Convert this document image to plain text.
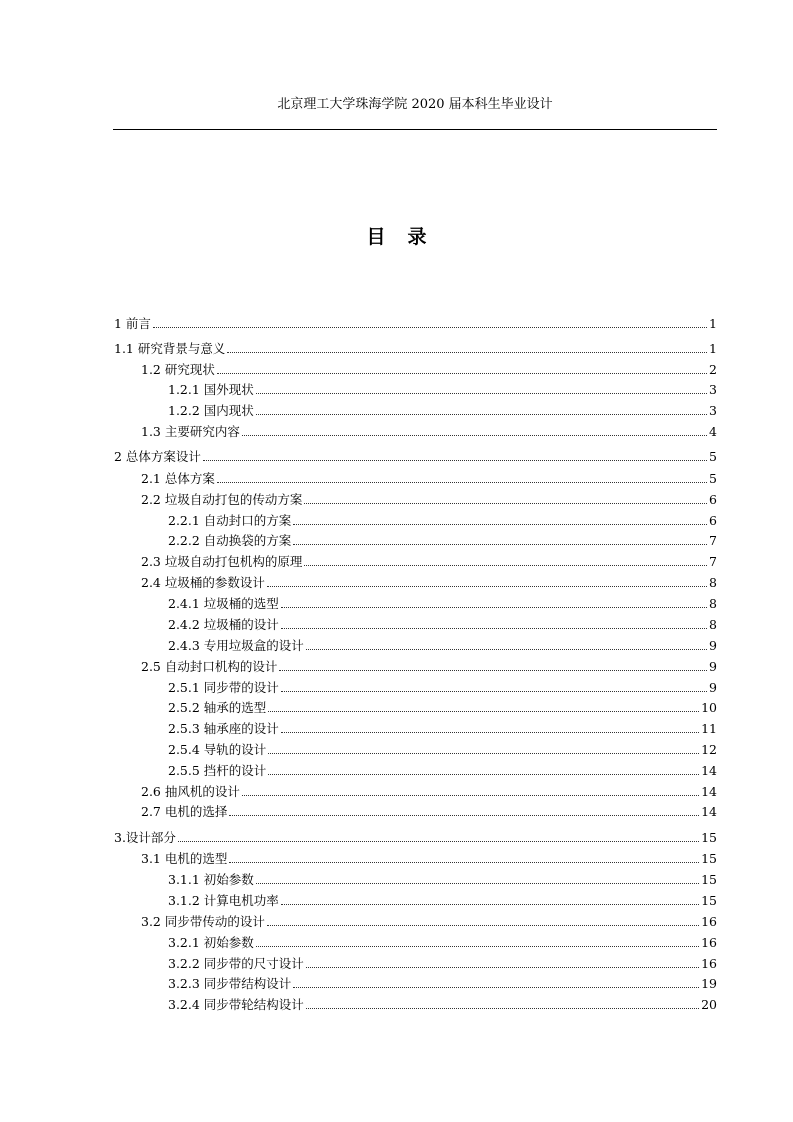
北京理工大学珠海学院 2020 届本科生毕业设计
目录
1 前言	1
1.1 研究背景与意义	1
1.2 研究现状	2
1.2.1 国外现状	3
1.2.2 国内现状	3
1.3 主要研究内容	4
2 总体方案设计	5
2.1 总体方案	5
2.2 垃圾自动打包的传动方案	6
2.2.1 自动封口的方案	6
2.2.2 自动换袋的方案	7
2.3 垃圾自动打包机构的原理	7
2.4 垃圾桶的参数设计	8
2.4.1 垃圾桶的选型	8
2.4.2 垃圾桶的设计	8
2.4.3 专用垃圾盒的设计	9
2.5 自动封口机构的设计	9
2.5.1 同步带的设计	9
2.5.2 轴承的选型	10
2.5.3 轴承座的设计	11
2.5.4 导轨的设计	12
2.5.5 挡杆的设计	14
2.6 抽风机的设计	14
2.7 电机的选择	14
3.设计部分	15
3.1 电机的选型	15
3.1.1 初始参数	15
3.1.2 计算电机功率	15
3.2 同步带传动的设计	16
3.2.1 初始参数	16
3.2.2 同步带的尺寸设计	16
3.2.3 同步带结构设计	19
3.2.4 同步带轮结构设计	20
